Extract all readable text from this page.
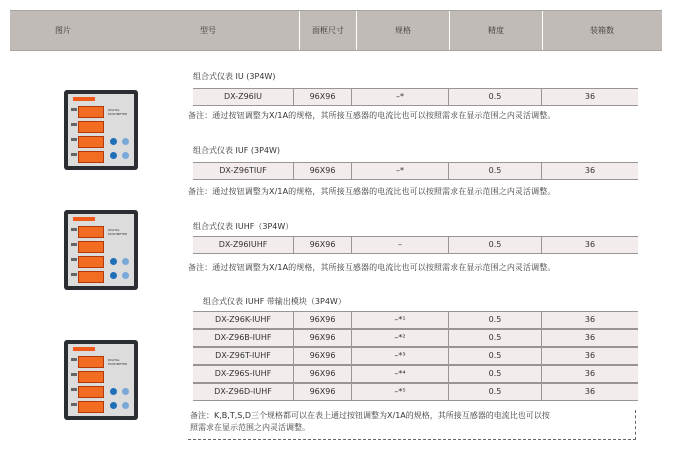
图片	型号	面框尺寸	规格	精度	装箱数
DIGITAL
MULTIMETER
DIGITAL
MULTIMETER
DIGITAL
MULTIMETER
组合式仪表 IU (3P4W)
DX-Z96IU	96X96	–*	0.5	36
备注：通过按钮调整为X/1A的规格，其所接互感器的电流比也可以按照需求在显示范围之内灵活调整。
组合式仪表 IUF (3P4W)
DX-Z96TIUF	96X96	–*	0.5	36
备注：通过按钮调整为X/1A的规格，其所接互感器的电流比也可以按照需求在显示范围之内灵活调整。
组合式仪表 IUHF（3P4W）
DX-Z96IUHF	96X96	–	0.5	36
备注：通过按钮调整为X/1A的规格，其所接互感器的电流比也可以按照需求在显示范围之内灵活调整。
组合式仪表 IUHF 带输出模块（3P4W）
DX-Z96K-IUHF	96X96	–*¹	0.5	36
DX-Z96B-IUHF	96X96	–*²	0.5	36
DX-Z96T-IUHF	96X96	–*³	0.5	36
DX-Z96S-IUHF	96X96	–*⁴	0.5	36
DX-Z96D-IUHF	96X96	–*⁵	0.5	36
备注：K,B,T,S,D三个规格都可以在表上通过按钮调整为X/1A的规格，其所接互感器的电流比也可以按
照需求在显示范围之内灵活调整。
